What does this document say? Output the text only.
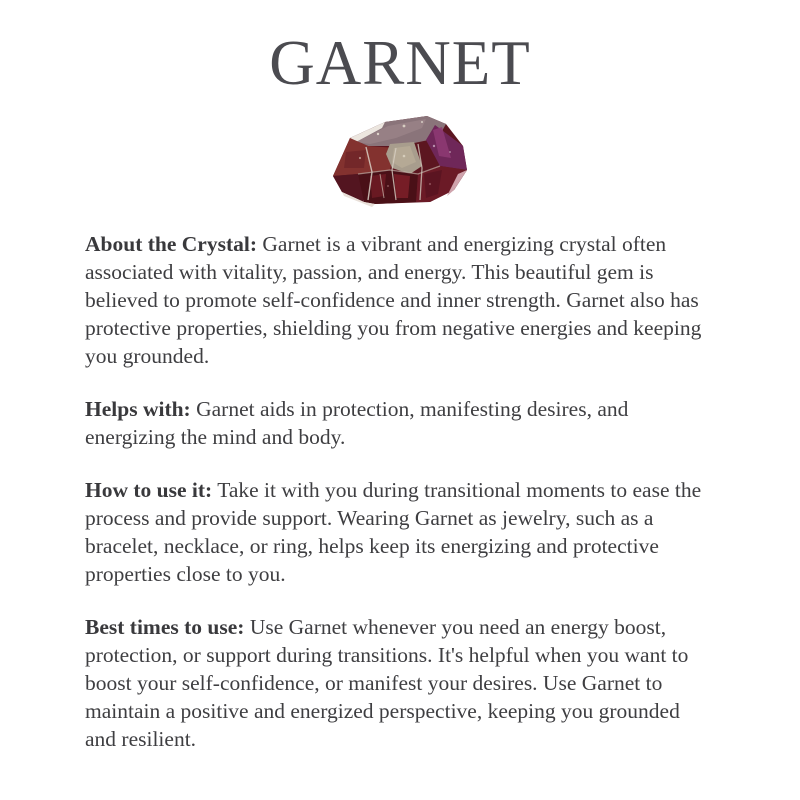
GARNET

About the Crystal: Garnet is a vibrant and energizing crystal often associated with vitality, passion, and energy. This beautiful gem is believed to promote self-confidence and inner strength. Garnet also has protective properties, shielding you from negative energies and keeping you grounded.

Helps with: Garnet aids in protection, manifesting desires, and energizing the mind and body.

How to use it: Take it with you during transitional moments to ease the process and provide support. Wearing Garnet as jewelry, such as a bracelet, necklace, or ring, helps keep its energizing and protective properties close to you.

Best times to use: Use Garnet whenever you need an energy boost, protection, or support during transitions. It's helpful when you want to boost your self-confidence, or manifest your desires. Use Garnet to maintain a positive and energized perspective, keeping you grounded and resilient.
